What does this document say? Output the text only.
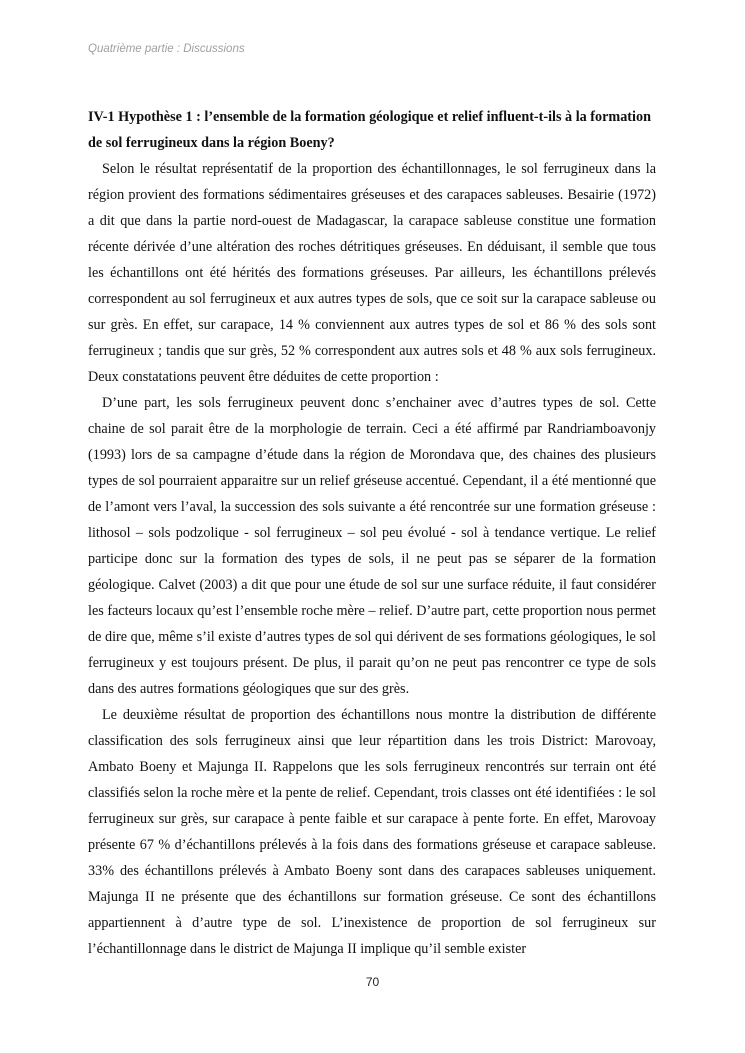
Quatrième partie : Discussions

IV-1 Hypothèse 1 : l’ensemble de la formation géologique et relief influent-t-ils à la formation de sol ferrugineux dans la région Boeny?

Selon le résultat représentatif de la proportion des échantillonnages, le sol ferrugineux dans la région provient des formations sédimentaires gréseuses et des carapaces sableuses. Besairie (1972) a dit que dans la partie nord-ouest de Madagascar, la carapace sableuse constitue une formation récente dérivée d’une altération des roches détritiques gréseuses. En déduisant, il semble que tous les échantillons ont été hérités des formations gréseuses. Par ailleurs, les échantillons prélevés correspondent au sol ferrugineux et aux autres types de sols, que ce soit sur la carapace sableuse ou sur grès. En effet, sur carapace, 14 % conviennent aux autres types de sol et 86 % des sols sont ferrugineux ; tandis que sur grès, 52 % correspondent aux autres sols et 48 % aux sols ferrugineux. Deux constatations peuvent être déduites de cette proportion :

D’une part, les sols ferrugineux peuvent donc s’enchainer avec d’autres types de sol. Cette chaine de sol parait être de la morphologie de terrain. Ceci a été affirmé par Randriamboavonjy (1993) lors de sa campagne d’étude dans la région de Morondava que, des chaines des plusieurs types de sol pourraient apparaitre sur un relief gréseuse accentué. Cependant, il a été mentionné que de l’amont vers l’aval, la succession des sols suivante a été rencontrée sur une formation gréseuse : lithosol – sols podzolique - sol ferrugineux – sol peu évolué - sol à tendance vertique. Le relief participe donc sur la formation des types de sols, il ne peut pas se séparer de la formation géologique. Calvet (2003) a dit que pour une étude de sol sur une surface réduite, il faut considérer les facteurs locaux qu’est l’ensemble roche mère – relief. D’autre part, cette proportion nous permet de dire que, même s’il existe d’autres types de sol qui dérivent de ses formations géologiques, le sol ferrugineux y est toujours présent. De plus, il parait qu’on ne peut pas rencontrer ce type de sols dans des autres formations géologiques que sur des grès.

Le deuxième résultat de proportion des échantillons nous montre la distribution de différente classification des sols ferrugineux ainsi que leur répartition dans les trois District: Marovoay, Ambato Boeny et Majunga II. Rappelons que les sols ferrugineux rencontrés sur terrain ont été classifiés selon la roche mère et la pente de relief. Cependant, trois classes ont été identifiées : le sol ferrugineux sur grès, sur carapace à pente faible et sur carapace à pente forte. En effet, Marovoay présente 67 % d’échantillons prélevés à la fois dans des formations gréseuse et carapace sableuse. 33% des échantillons prélevés à Ambato Boeny sont dans des carapaces sableuses uniquement. Majunga II ne présente que des échantillons sur formation gréseuse. Ce sont des échantillons appartiennent à d’autre type de sol. L’inexistence de proportion de sol ferrugineux sur l’échantillonnage dans le district de Majunga II implique qu’il semble exister

70
